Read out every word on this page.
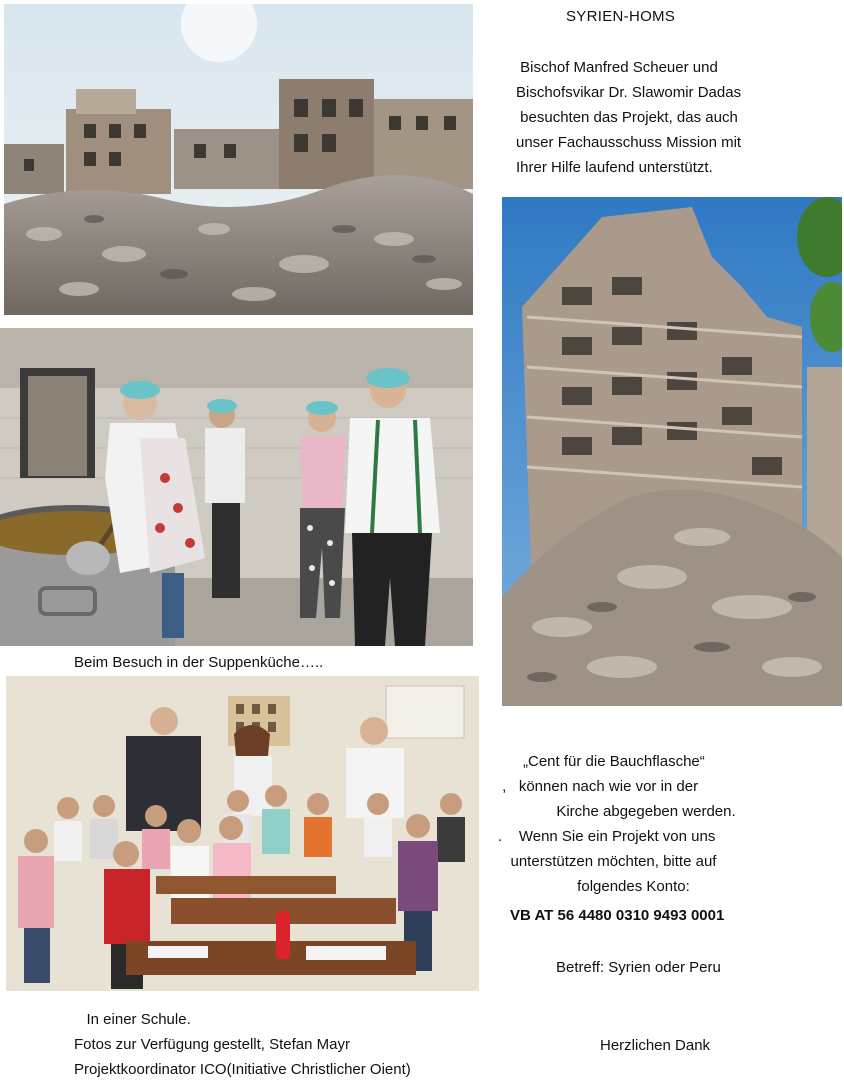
SYRIEN-HOMS
Bischof Manfred Scheuer und
Bischofsvikar Dr. Slawomir Dadas
besuchten das Projekt, das auch
unser Fachausschuss Mission mit
Ihrer Hilfe laufend unterstützt.
Beim Besuch in der Suppenküche…..
„Cent für die Bauchflasche“
,   können nach wie vor in der
Kirche abgegeben werden.
.    Wenn Sie ein Projekt von uns
unterstützen möchten, bitte auf
folgendes Konto:
VB AT 56 4480 0310 9493 0001
Betreff: Syrien oder Peru
In einer Schule.
Fotos zur Verfügung gestellt, Stefan Mayr
Projektkoordinator ICO(Initiative Christlicher Oient)
Herzlichen Dank
